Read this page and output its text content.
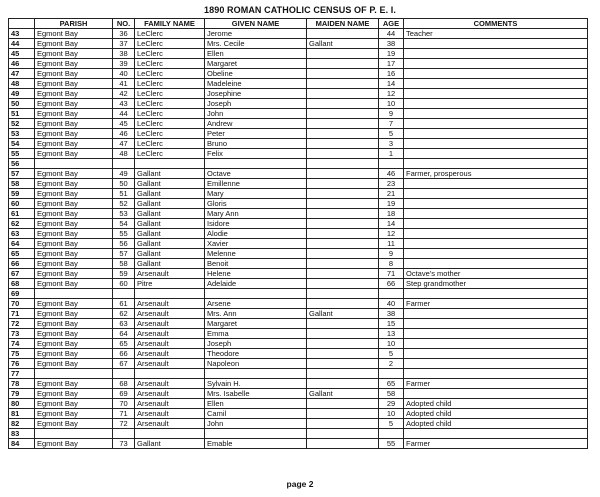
1890 ROMAN CATHOLIC CENSUS OF P. E. I.
	PARISH	NO.	FAMILY NAME	GIVEN NAME	MAIDEN NAME	AGE	COMMENTS
43	Egmont Bay	36	LeClerc	Jerome		44	Teacher
44	Egmont Bay	37	LeClerc	Mrs. Cecile	Gallant	38	
45	Egmont Bay	38	LeClerc	Ellen		19	
46	Egmont Bay	39	LeClerc	Margaret		17	
47	Egmont Bay	40	LeClerc	Obeline		16	
48	Egmont Bay	41	LeClerc	Madeleine		14	
49	Egmont Bay	42	LeClerc	Josephine		12	
50	Egmont Bay	43	LeClerc	Joseph		10	
51	Egmont Bay	44	LeClerc	John		9	
52	Egmont Bay	45	LeClerc	Andrew		7	
53	Egmont Bay	46	LeClerc	Peter		5	
54	Egmont Bay	47	LeClerc	Bruno		3	
55	Egmont Bay	48	LeClerc	Felix		1	
56							
57	Egmont Bay	49	Gallant	Octave		46	Farmer, prosperous
58	Egmont Bay	50	Gallant	Emillenne		23	
59	Egmont Bay	51	Gallant	Mary		21	
60	Egmont Bay	52	Gallant	Gloris		19	
61	Egmont Bay	53	Gallant	Mary Ann		18	
62	Egmont Bay	54	Gallant	Isidore		14	
63	Egmont Bay	55	Gallant	Alodie		12	
64	Egmont Bay	56	Gallant	Xavier		11	
65	Egmont Bay	57	Gallant	Melenne		9	
66	Egmont Bay	58	Gallant	Benoit		8	
67	Egmont Bay	59	Arsenault	Helene		71	Octave's mother
68	Egmont Bay	60	Pitre	Adelaide		66	Step grandmother
69							
70	Egmont Bay	61	Arsenault	Arsene		40	Farmer
71	Egmont Bay	62	Arsenault	Mrs. Ann	Gallant	38	
72	Egmont Bay	63	Arsenault	Margaret		15	
73	Egmont Bay	64	Arsenault	Emma		13	
74	Egmont Bay	65	Arsenault	Joseph		10	
75	Egmont Bay	66	Arsenault	Theodore		5	
76	Egmont Bay	67	Arsenault	Napoleon		2	
77							
78	Egmont Bay	68	Arsenault	Sylvain H.		65	Farmer
79	Egmont Bay	69	Arsenault	Mrs. Isabelle	Gallant	58	
80	Egmont Bay	70	Arsenault	Ellen		29	Adopted child
81	Egmont Bay	71	Arsenault	Camil		10	Adopted child
82	Egmont Bay	72	Arsenault	John		5	Adopted child
83							
84	Egmont Bay	73	Gallant	Emable		55	Farmer
page 2
